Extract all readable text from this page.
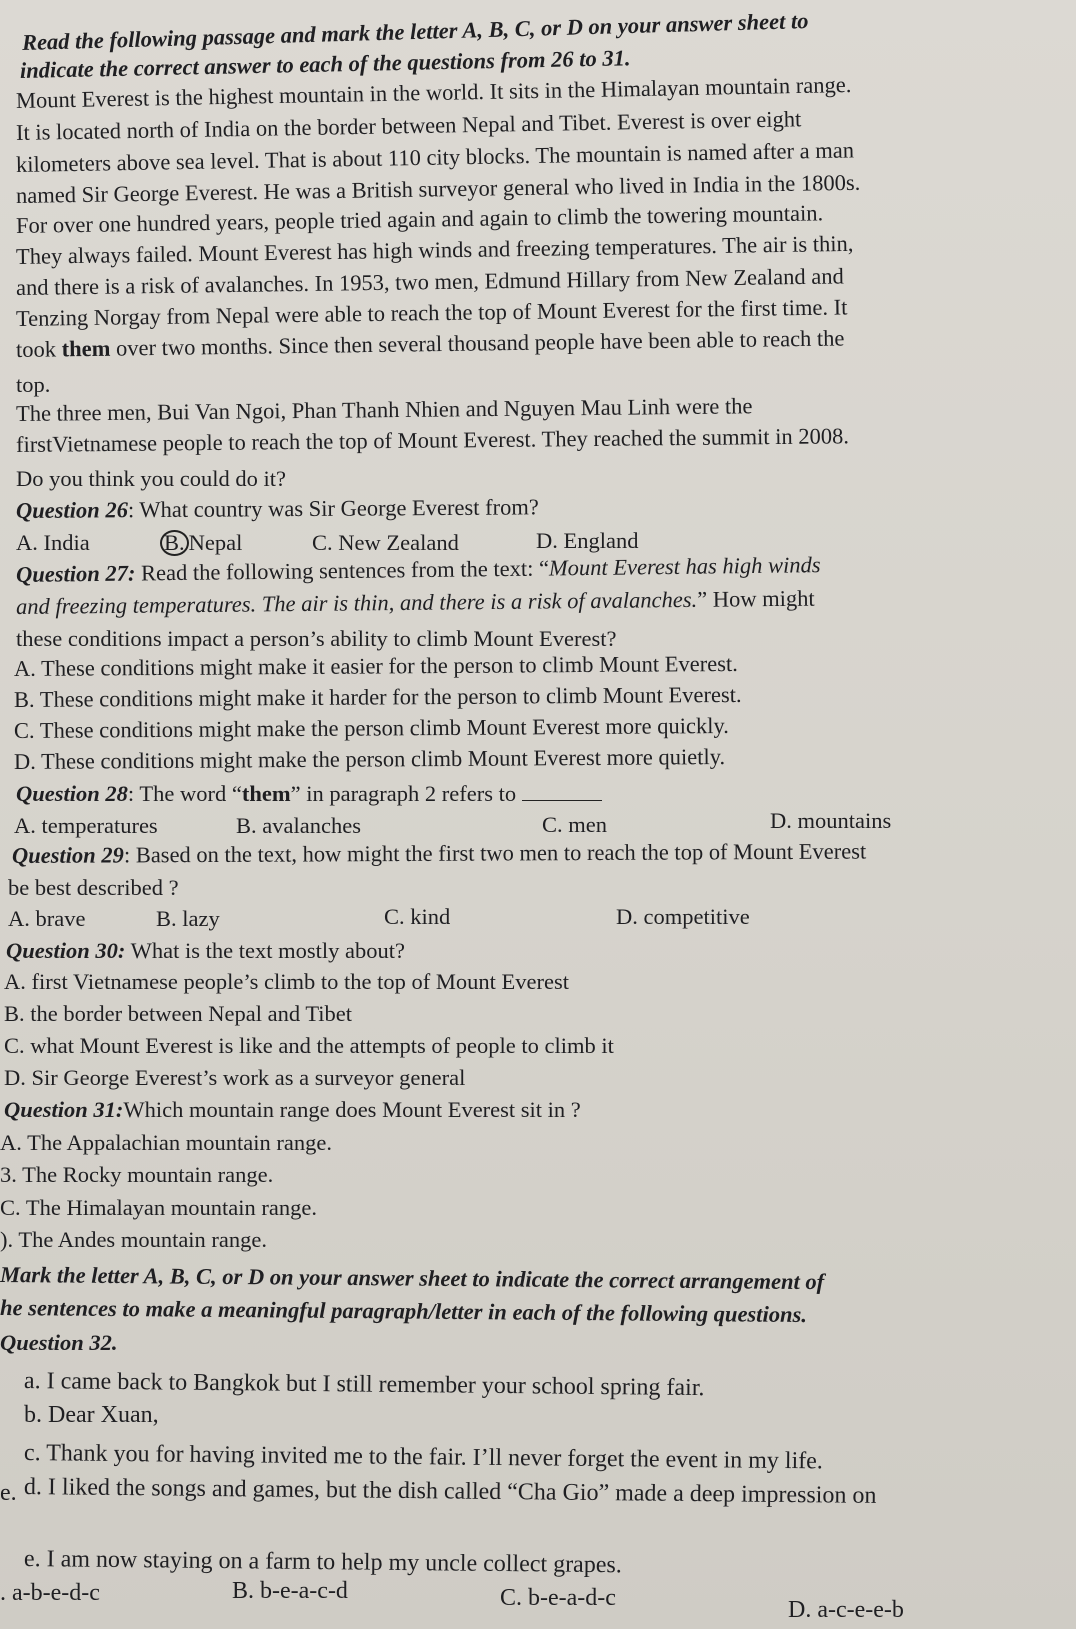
Read the following passage and mark the letter A, B, C, or D on your answer sheet to
indicate the correct answer to each of the questions from 26 to 31.
Mount Everest is the highest mountain in the world. It sits in the Himalayan mountain range.
It is located north of India on the border between Nepal and Tibet. Everest is over eight
kilometers above sea level. That is about 110 city blocks. The mountain is named after a man
named Sir George Everest. He was a British surveyor general who lived in India in the 1800s.
For over one hundred years, people tried again and again to climb the towering mountain.
They always failed. Mount Everest has high winds and freezing temperatures. The air is thin,
and there is a risk of avalanches. In 1953, two men, Edmund Hillary from New Zealand and
Tenzing Norgay from Nepal were able to reach the top of Mount Everest for the first time. It
took them over two months. Since then several thousand people have been able to reach the
top.
The three men, Bui Van Ngoi, Phan Thanh Nhien and Nguyen Mau Linh were the
firstVietnamese people to reach the top of Mount Everest. They reached the summit in 2008.
Do you think you could do it?
Question 26: What country was Sir George Everest from?
A. India	B. Nepal	C. New Zealand	D. England
Question 27: Read the following sentences from the text: “Mount Everest has high winds
and freezing temperatures. The air is thin, and there is a risk of avalanches.” How might
these conditions impact a person’s ability to climb Mount Everest?
A. These conditions might make it easier for the person to climb Mount Everest.
B. These conditions might make it harder for the person to climb Mount Everest.
C. These conditions might make the person climb Mount Everest more quickly.
D. These conditions might make the person climb Mount Everest more quietly.
Question 28: The word “them” in paragraph 2 refers to
A. temperatures	B. avalanches	C. men	D. mountains
Question 29: Based on the text, how might the first two men to reach the top of Mount Everest
be best described ?
A. brave	B. lazy	C. kind	D. competitive
Question 30: What is the text mostly about?
A. first Vietnamese people’s climb to the top of Mount Everest
B. the border between Nepal and Tibet
C. what Mount Everest is like and the attempts of people to climb it
D. Sir George Everest’s work as a surveyor general
Question 31:Which mountain range does Mount Everest sit in ?
A. The Appalachian mountain range.
3. The Rocky mountain range.
C. The Himalayan mountain range.
). The Andes mountain range.
Mark the letter A, B, C, or D on your answer sheet to indicate the correct arrangement of
he sentences to make a meaningful paragraph/letter in each of the following questions.
Question 32.
a. I came back to Bangkok but I still remember your school spring fair.
b. Dear Xuan,
c. Thank you for having invited me to the fair. I’ll never forget the event in my life.
d. I liked the songs and games, but the dish called “Cha Gio” made a deep impression on
e.
e. I am now staying on a farm to help my uncle collect grapes.
. a-b-e-d-c	B. b-e-a-c-d	C. b-e-a-d-c	D. a-c-e-e-b
